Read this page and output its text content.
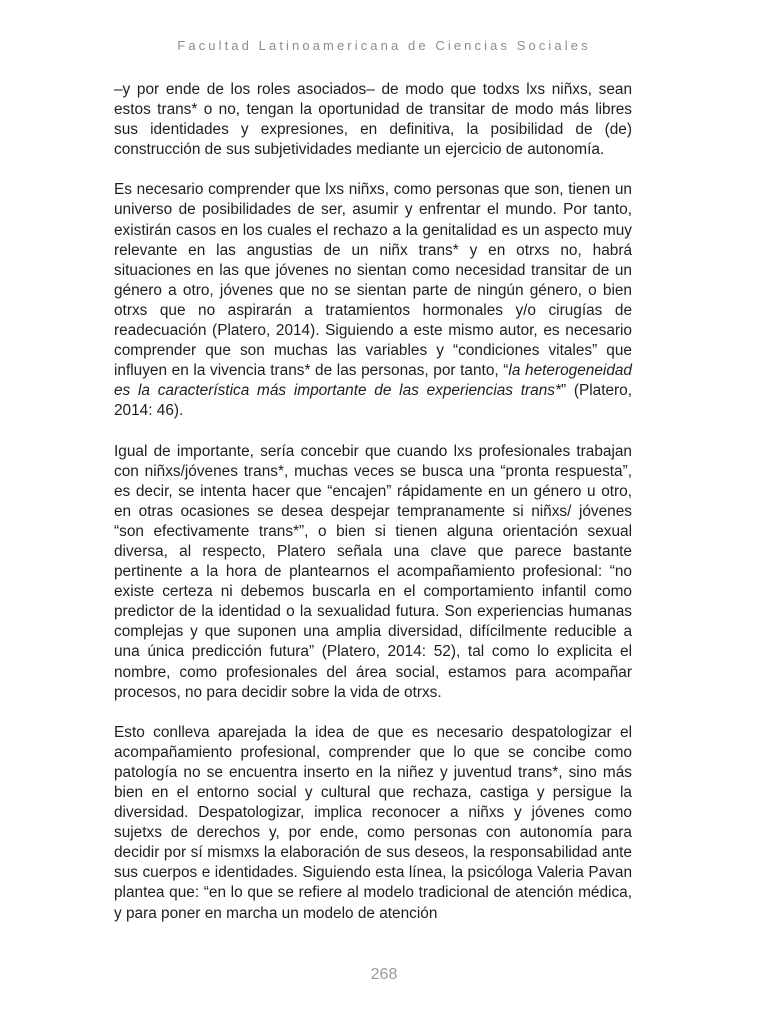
Facultad Latinoamericana de Ciencias Sociales

–y por ende de los roles asociados– de modo que todxs lxs niñxs, sean estos trans* o no, tengan la oportunidad de transitar de modo más libres sus identidades y expresiones, en definitiva, la posibilidad de (de) construcción de sus subjetividades mediante un ejercicio de autonomía.

Es necesario comprender que lxs niñxs, como personas que son, tienen un universo de posibilidades de ser, asumir y enfrentar el mundo. Por tanto, existirán casos en los cuales el rechazo a la genitalidad es un aspecto muy relevante en las angustias de un niñx trans* y en otrxs no, habrá situaciones en las que jóvenes no sientan como necesidad transitar de un género a otro, jóvenes que no se sientan parte de ningún género, o bien otrxs que no aspirarán a tratamientos hormonales y/o cirugías de readecuación (Platero, 2014). Siguiendo a este mismo autor, es necesario comprender que son muchas las variables y “condiciones vitales” que influyen en la vivencia trans* de las personas, por tanto, “la heterogeneidad es la característica más importante de las experiencias trans*” (Platero, 2014: 46).

Igual de importante, sería concebir que cuando lxs profesionales trabajan con niñxs/jóvenes trans*, muchas veces se busca una “pronta respuesta”, es decir, se intenta hacer que “encajen” rápidamente en un género u otro, en otras ocasiones se desea despejar tempranamente si niñxs/ jóvenes “son efectivamente trans*”, o bien si tienen alguna orientación sexual diversa, al respecto, Platero señala una clave que parece bastante pertinente a la hora de plantearnos el acompañamiento profesional: “no existe certeza ni debemos buscarla en el comportamiento infantil como predictor de la identidad o la sexualidad futura. Son experiencias humanas complejas y que suponen una amplia diversidad, difícilmente reducible a una única predicción futura” (Platero, 2014: 52), tal como lo explicita el nombre, como profesionales del área social, estamos para acompañar procesos, no para decidir sobre la vida de otrxs.

Esto conlleva aparejada la idea de que es necesario despatologizar el acompañamiento profesional, comprender que lo que se concibe como patología no se encuentra inserto en la niñez y juventud trans*, sino más bien en el entorno social y cultural que rechaza, castiga y persigue la diversidad. Despatologizar, implica reconocer a niñxs y jóvenes como sujetxs de derechos y, por ende, como personas con autonomía para decidir por sí mismxs la elaboración de sus deseos, la responsabilidad ante sus cuerpos e identidades. Siguiendo esta línea, la psicóloga Valeria Pavan plantea que: “en lo que se refiere al modelo tradicional de atención médica, y para poner en marcha un modelo de atención

268
